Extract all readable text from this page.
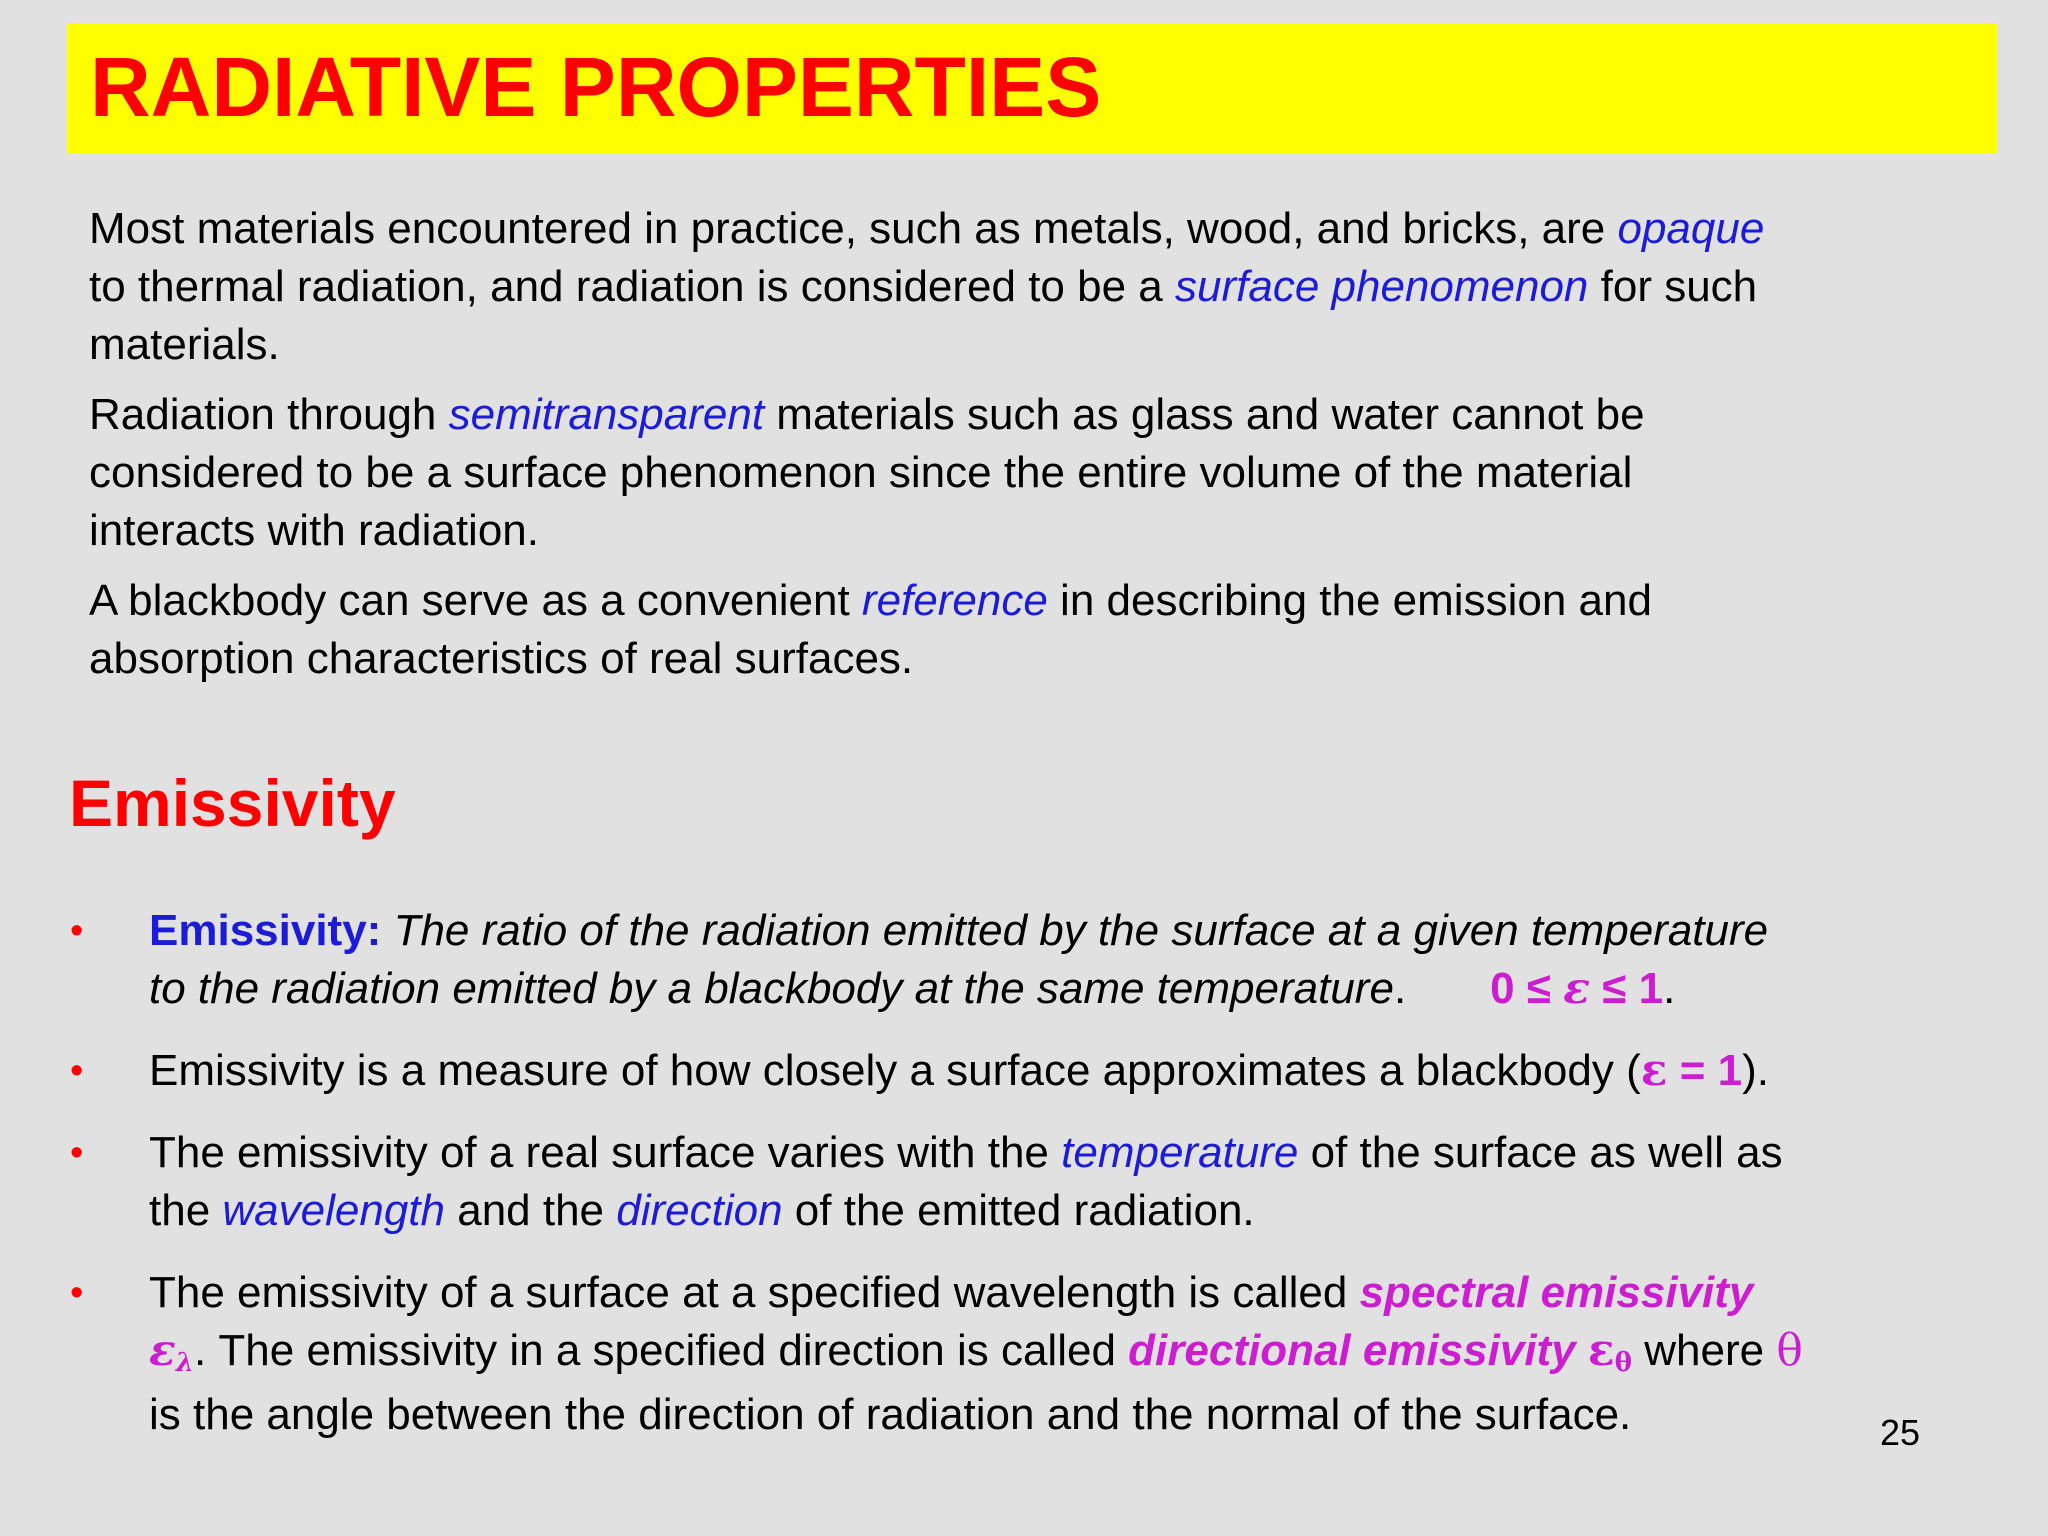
RADIATIVE PROPERTIES

Most materials encountered in practice, such as metals, wood, and bricks, are opaque
to thermal radiation, and radiation is considered to be a surface phenomenon for such
materials.

Radiation through semitransparent materials such as glass and water cannot be
considered to be a surface phenomenon since the entire volume of the material
interacts with radiation.

A blackbody can serve as a convenient reference in describing the emission and
absorption characteristics of real surfaces.

Emissivity
• Emissivity: The ratio of the radiation emitted by the surface at a given temperature
to the radiation emitted by a blackbody at the same temperature. 0 ≤ ε ≤ 1.
• Emissivity is a measure of how closely a surface approximates a blackbody (ε = 1).
• The emissivity of a real surface varies with the temperature of the surface as well as
the wavelength and the direction of the emitted radiation.
• The emissivity of a surface at a specified wavelength is called spectral emissivity
$\varepsilon_\lambda$. The emissivity in a specified direction is called directional emissivity $\varepsilon_\theta$ where θ
is the angle between the direction of radiation and the normal of the surface.	25
